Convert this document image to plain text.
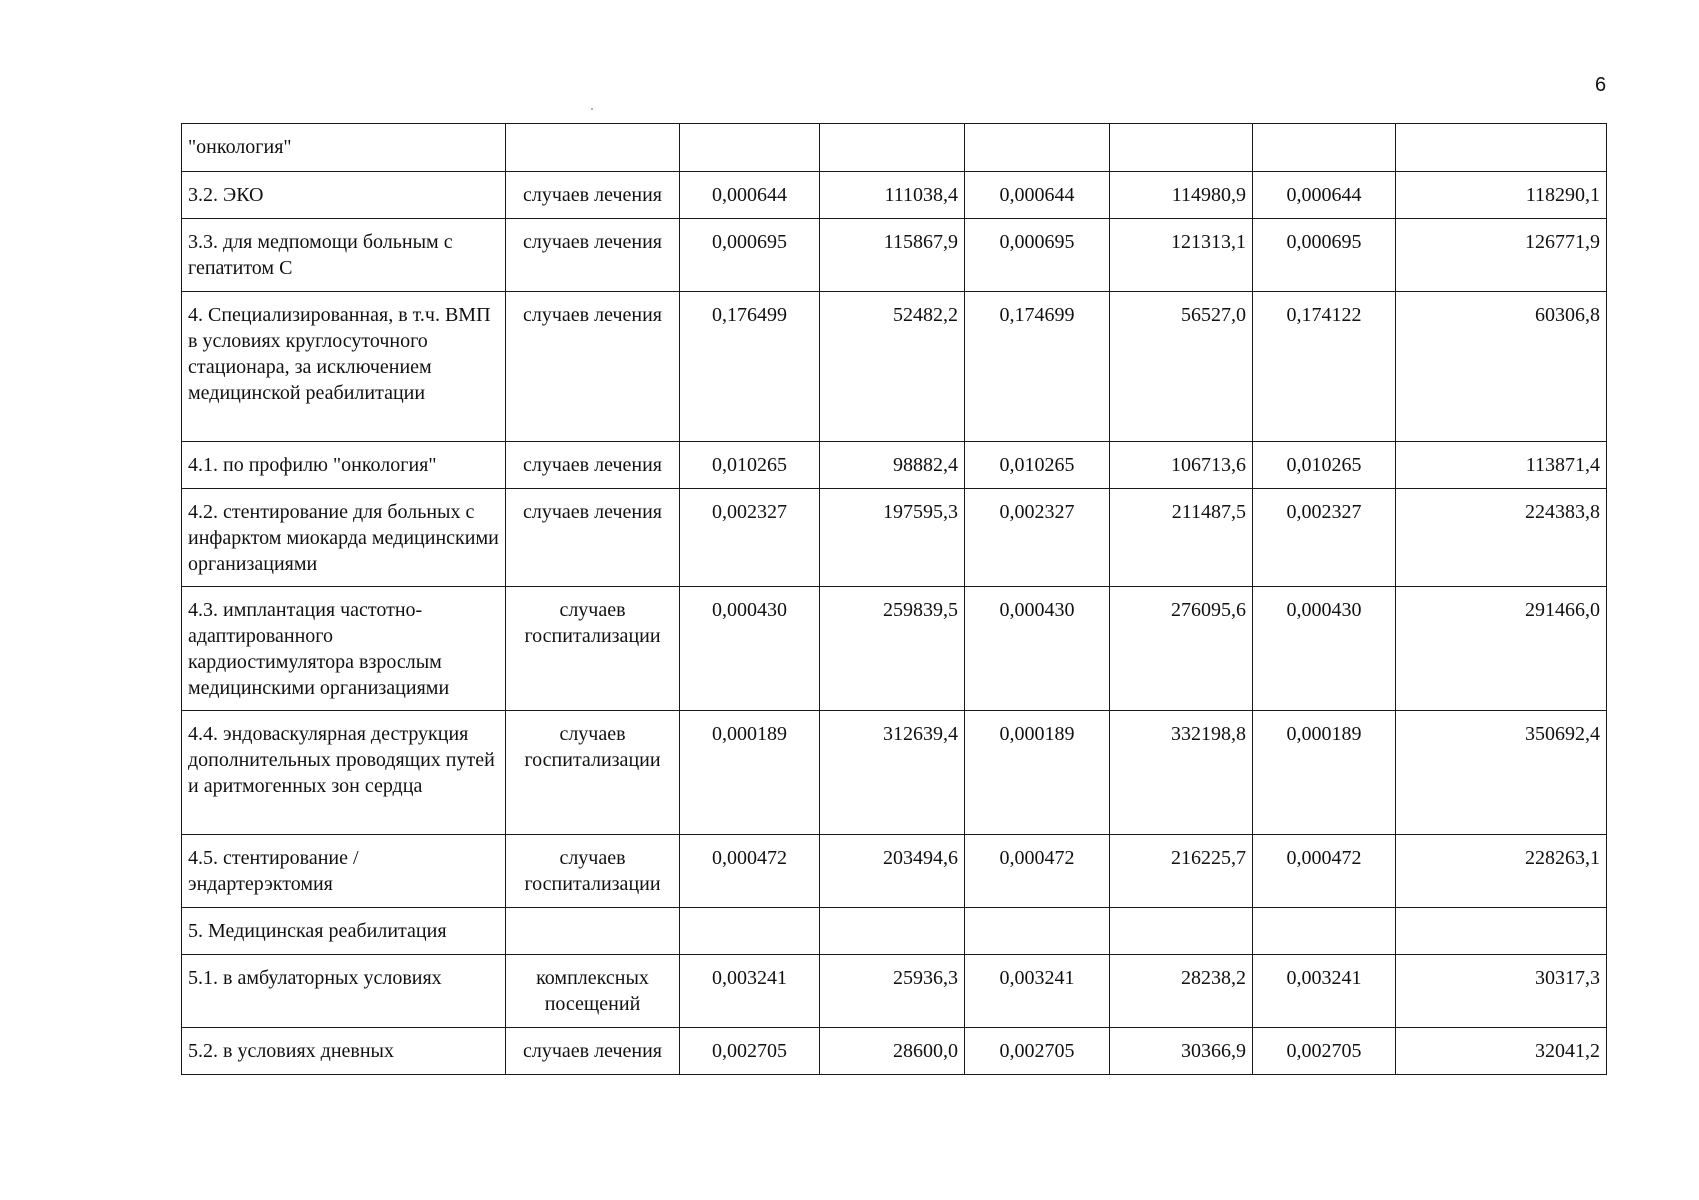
6
"онкология"							
3.2. ЭКО	случаев лечения	0,000644	111038,4	0,000644	114980,9	0,000644	118290,1
3.3. для медпомощи больным с гепатитом С	случаев лечения	0,000695	115867,9	0,000695	121313,1	0,000695	126771,9
4. Специализированная, в т.ч. ВМП в условиях круглосуточного стационара, за исключением медицинской реабилитации	случаев лечения	0,176499	52482,2	0,174699	56527,0	0,174122	60306,8
4.1. по профилю "онкология"	случаев лечения	0,010265	98882,4	0,010265	106713,6	0,010265	113871,4
4.2. стентирование для больных с инфарктом миокарда медицинскими организациями	случаев лечения	0,002327	197595,3	0,002327	211487,5	0,002327	224383,8
4.3. имплантация частотно-адаптированного кардиостимулятора взрослым медицинскими организациями	случаев госпитализации	0,000430	259839,5	0,000430	276095,6	0,000430	291466,0
4.4. эндоваскулярная деструкция дополнительных проводящих путей и аритмогенных зон сердца	случаев госпитализации	0,000189	312639,4	0,000189	332198,8	0,000189	350692,4
4.5. стентирование / эндартерэктомия	случаев госпитализации	0,000472	203494,6	0,000472	216225,7	0,000472	228263,1
5. Медицинская реабилитация							
5.1. в амбулаторных условиях	комплексных посещений	0,003241	25936,3	0,003241	28238,2	0,003241	30317,3
5.2. в условиях дневных	случаев лечения	0,002705	28600,0	0,002705	30366,9	0,002705	32041,2
